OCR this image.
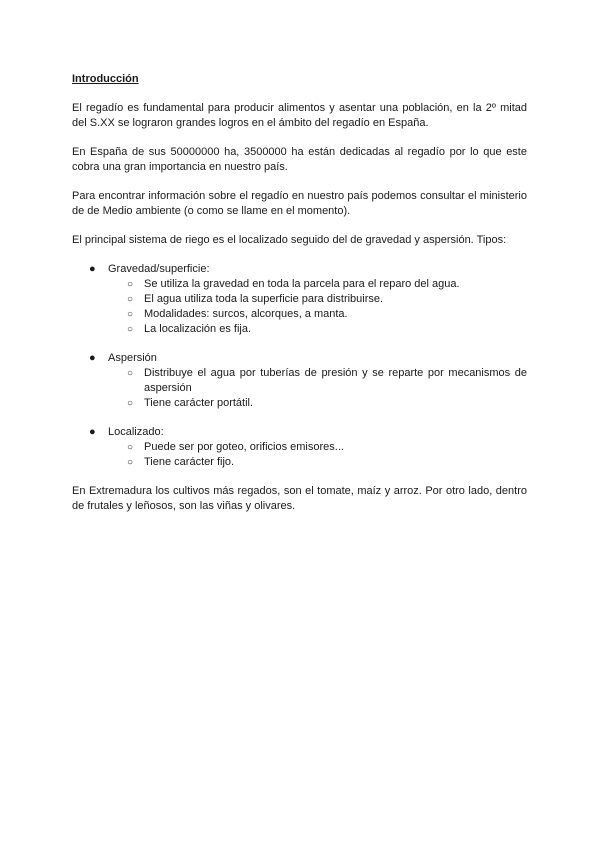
Introducción

El regadío es fundamental para producir alimentos y asentar una población, en la 2º mitad del S.XX se lograron grandes logros en el ámbito del regadío en España.

En España de sus 50000000 ha, 3500000 ha están dedicadas al regadío por lo que este cobra una gran importancia en nuestro país.

Para encontrar información sobre el regadío en nuestro país podemos consultar el ministerio de de Medio ambiente (o como se llame en el momento).

El principal sistema de riego es el localizado seguido del de gravedad y aspersión. Tipos:

● Gravedad/superficie:
○ Se utiliza la gravedad en toda la parcela para el reparo del agua.
○ El agua utiliza toda la superficie para distribuirse.
○ Modalidades: surcos, alcorques, a manta.
○ La localización es fija.
● Aspersión
○ Distribuye el agua por tuberías de presión y se reparte por mecanismos de aspersión
○ Tiene carácter portátil.
● Localizado:
○ Puede ser por goteo, orificios emisores...
○ Tiene carácter fijo.

En Extremadura los cultivos más regados, son el tomate, maíz y arroz. Por otro lado, dentro de frutales y leñosos, son las viñas y olivares.
